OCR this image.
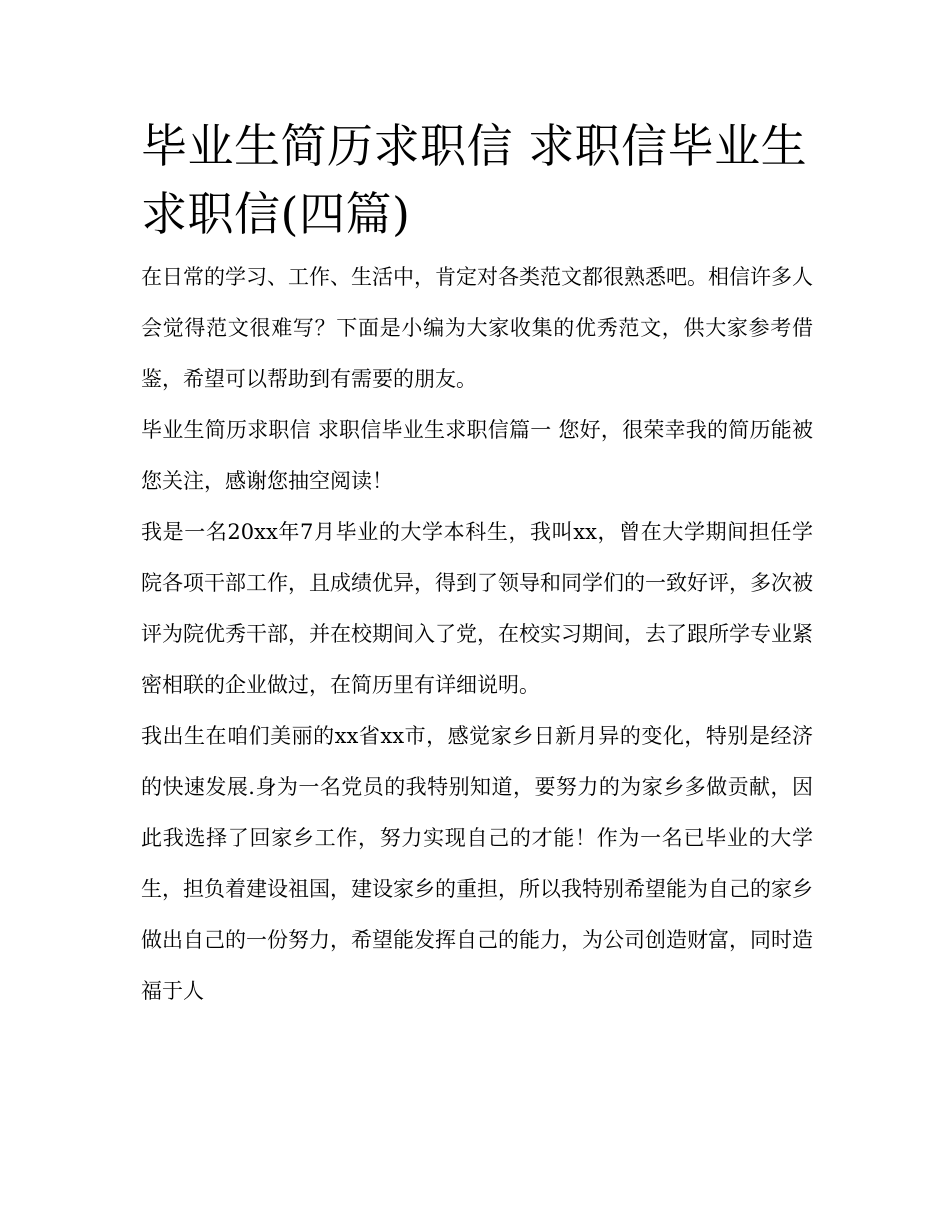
毕业生简历求职信 求职信毕业生求职信(四篇)

在日常的学习、工作、生活中，肯定对各类范文都很熟悉吧。相信许多人会觉得范文很难写？下面是小编为大家收集的优秀范文，供大家参考借鉴，希望可以帮助到有需要的朋友。

毕业生简历求职信 求职信毕业生求职信篇一 您好，很荣幸我的简历能被您关注，感谢您抽空阅读！

我是一名20xx年7月毕业的大学本科生，我叫xx，曾在大学期间担任学院各项干部工作，且成绩优异，得到了领导和同学们的一致好评，多次被评为院优秀干部，并在校期间入了党，在校实习期间，去了跟所学专业紧密相联的企业做过，在简历里有详细说明。

我出生在咱们美丽的xx省xx市，感觉家乡日新月异的变化，特别是经济的快速发展.身为一名党员的我特别知道，要努力的为家乡多做贡献，因此我选择了回家乡工作，努力实现自己的才能！作为一名已毕业的大学生，担负着建设祖国，建设家乡的重担，所以我特别希望能为自己的家乡做出自己的一份努力，希望能发挥自己的能力，为公司创造财富，同时造福于人
